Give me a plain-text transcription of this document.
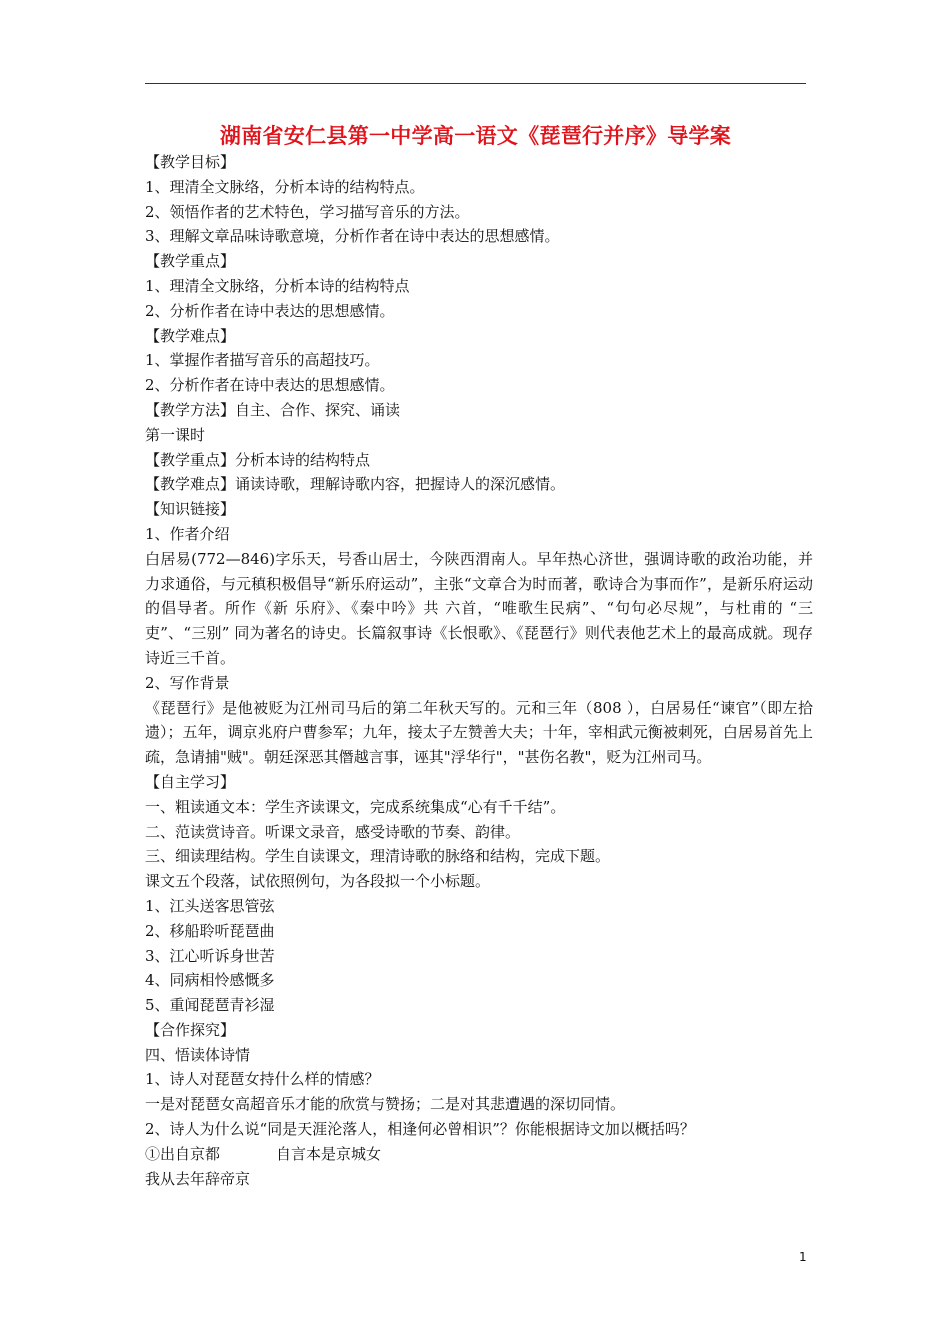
湖南省安仁县第一中学高一语文《琵琶行并序》导学案
【教学目标】
1、理清全文脉络，分析本诗的结构特点。
2、领悟作者的艺术特色，学习描写音乐的方法。
3、理解文章品味诗歌意境，分析作者在诗中表达的思想感情。
【教学重点】
1、理清全文脉络，分析本诗的结构特点
2、分析作者在诗中表达的思想感情。
【教学难点】
1、掌握作者描写音乐的高超技巧。
2、分析作者在诗中表达的思想感情。
【教学方法】自主、合作、探究、诵读
第一课时
【教学重点】分析本诗的结构特点
【教学难点】诵读诗歌，理解诗歌内容，把握诗人的深沉感情。
【知识链接】
1、作者介绍
白居易(772—846)字乐天，号香山居士，今陕西渭南人。早年热心济世，强调诗歌的政治功能，并力求通俗，与元稹积极倡导“新乐府运动”，主张“文章合为时而著，歌诗合为事而作”，是新乐府运动的倡导者。所作《新 乐府》、《秦中吟》共 六首，“唯歌生民病”、“句句必尽规”，与杜甫的 “三吏”、“三别” 同为著名的诗史。长篇叙事诗《长恨歌》、《琵琶行》则代表他艺术上的最高成就。现存诗近三千首。
2、写作背景
《琵琶行》是他被贬为江州司马后的第二年秋天写的。元和三年（808 ），白居易任“谏官”（即左拾遗）；五年，调京兆府户曹参军；九年，接太子左赞善大夫；十年，宰相武元衡被刺死，白居易首先上疏，急请捕"贼"。朝廷深恶其僭越言事，诬其"浮华行"，"甚伤名教"，贬为江州司马。
【自主学习】
一、粗读通文本：学生齐读课文，完成系统集成“心有千千结”。
二、范读赏诗音。听课文录音，感受诗歌的节奏、韵律。
三、细读理结构。学生自读课文，理清诗歌的脉络和结构，完成下题。
课文五个段落，试依照例句，为各段拟一个小标题。
1、江头送客思管弦
2、移船聆听琵琶曲
3、江心听诉身世苦
4、同病相怜感慨多
5、重闻琵琶青衫湿
【合作探究】
四、悟读体诗情
1、诗人对琵琶女持什么样的情感？
一是对琵琶女高超音乐才能的欣赏与赞扬；二是对其悲遭遇的深切同情。
2、诗人为什么说“同是天涯沦落人，相逢何必曾相识”？你能根据诗文加以概括吗？
①出自京都	自言本是京城女
我从去年辞帝京
1
